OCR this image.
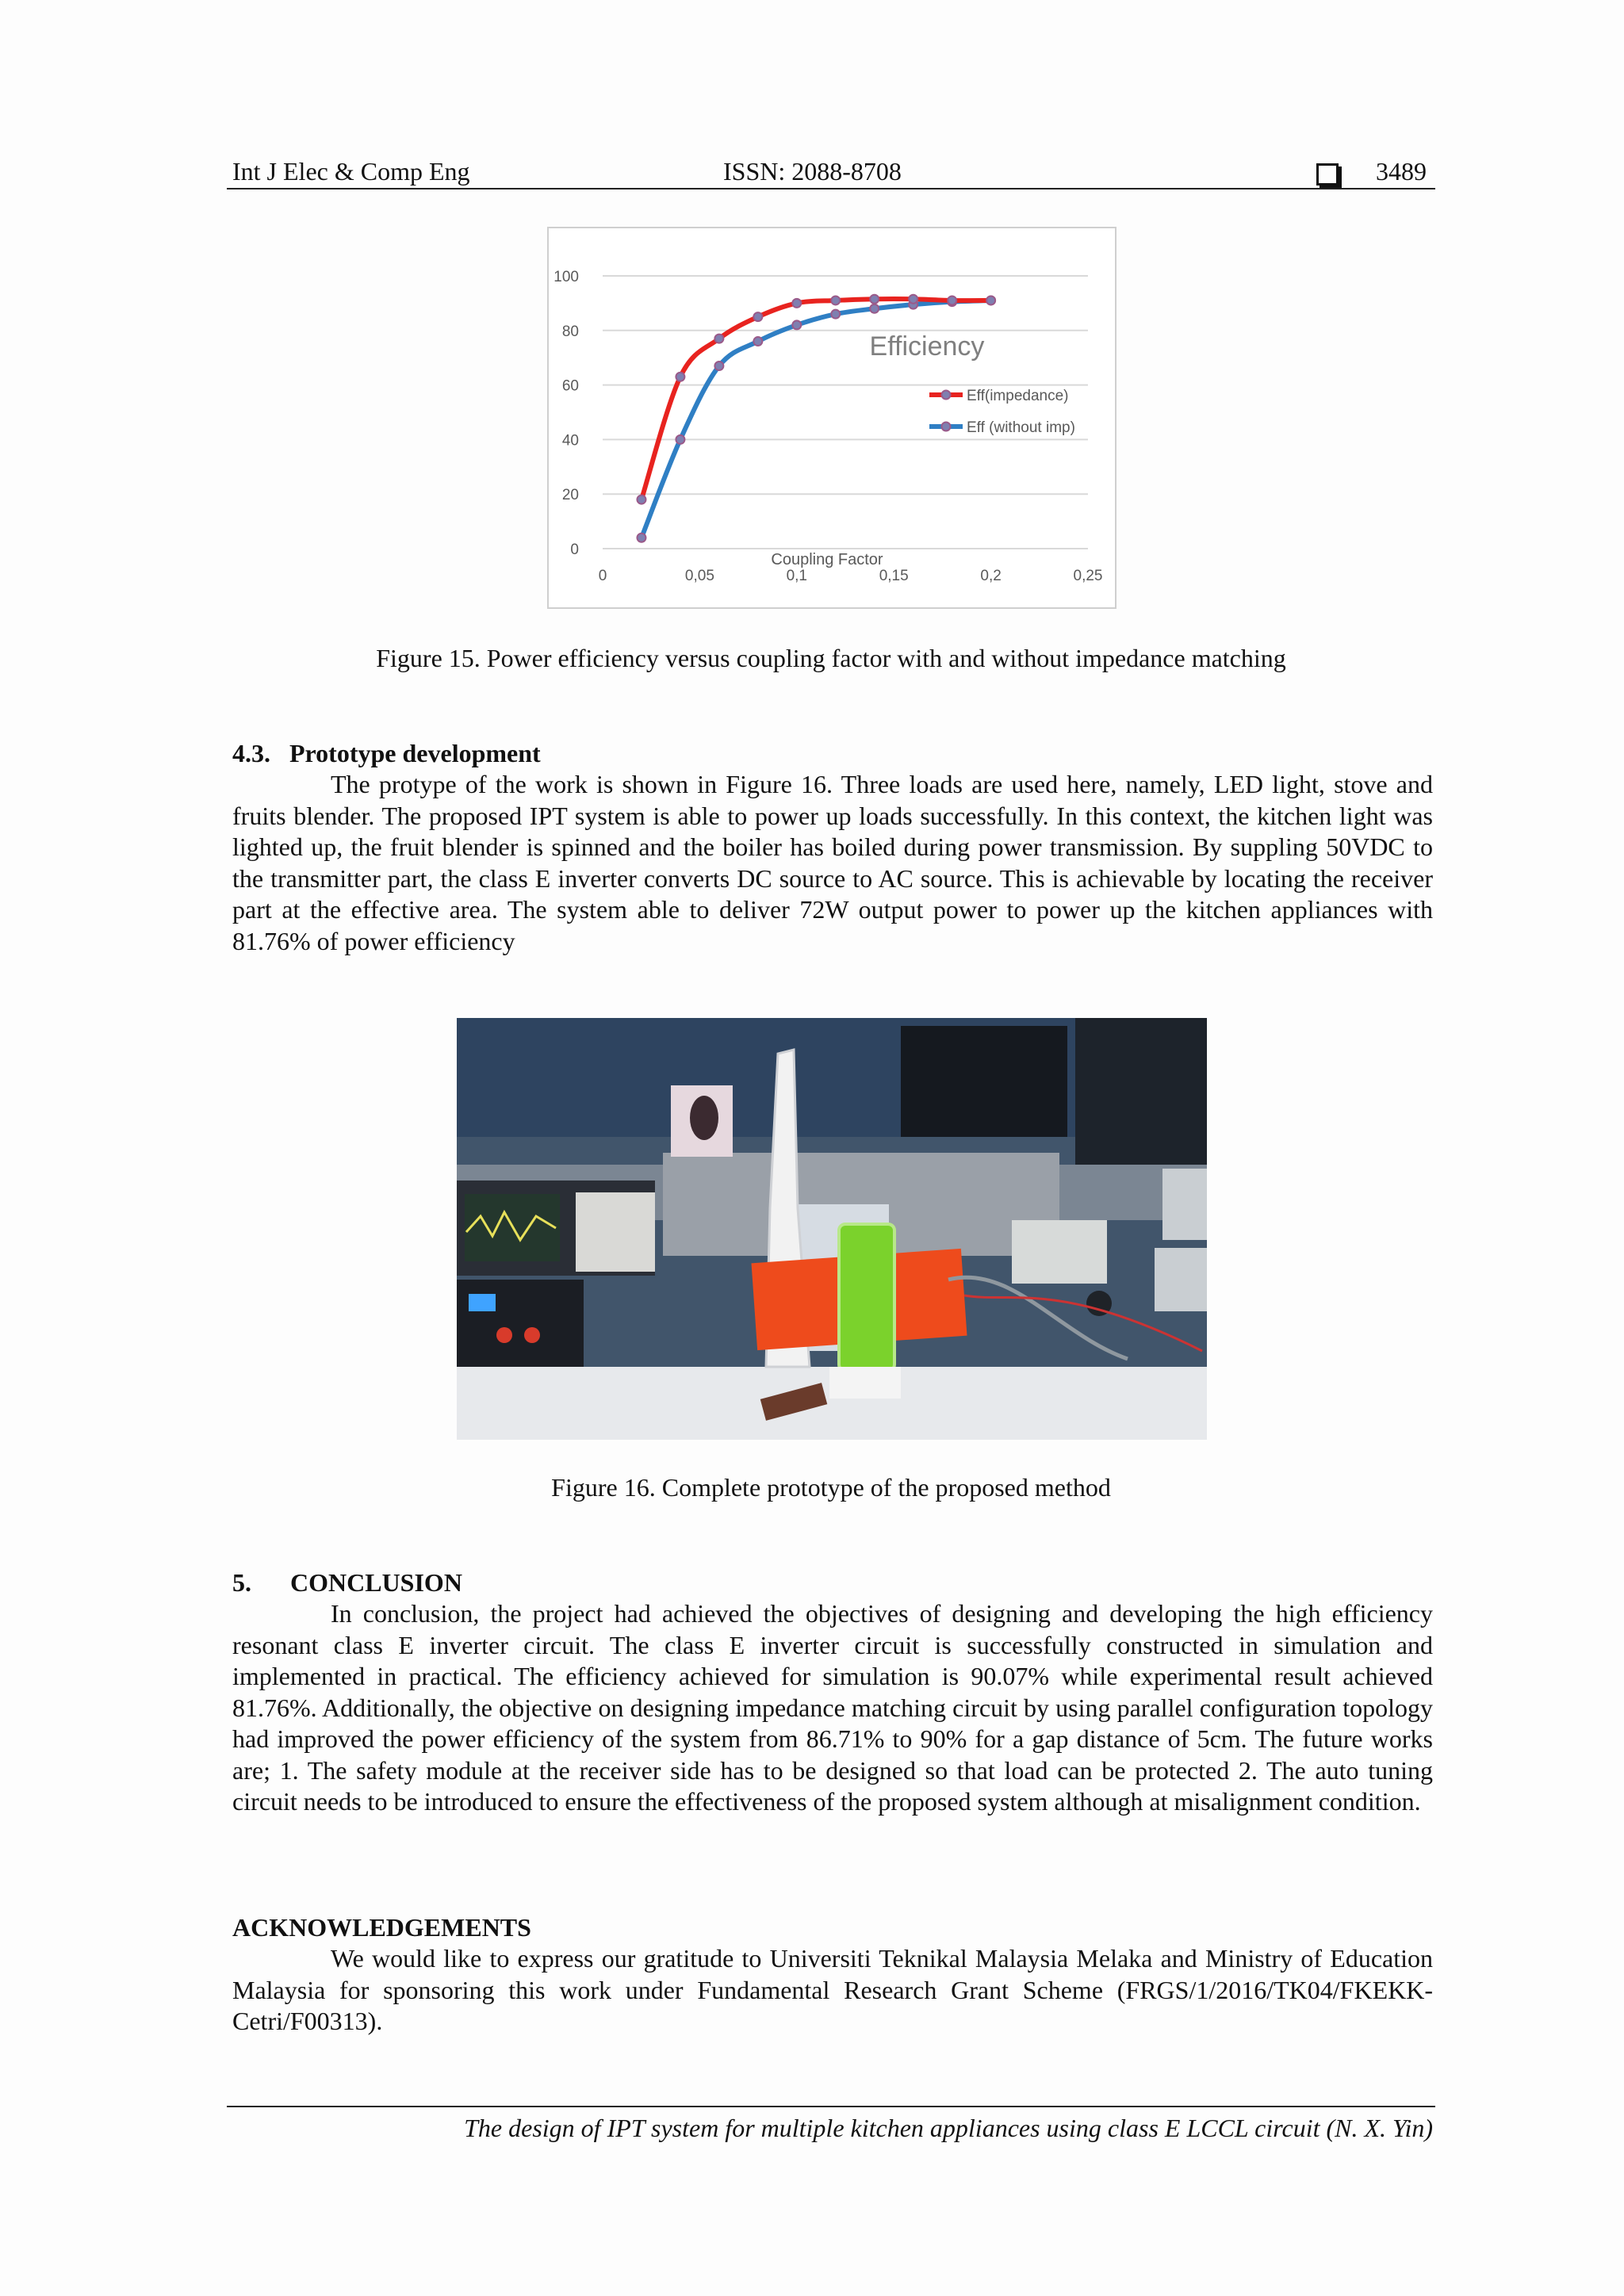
Int J Elec & Comp Eng	ISSN: 2088-8708	3489
0
20
40
60
80
100
0	0,05	0,1	0,15	0,2	0,25
Coupling Factor
Efficiency
Eff(impedance)
Eff (without imp)
Figure 15. Power efficiency versus coupling factor with and without impedance matching
4.3.  Prototype development
The protype of the work is shown in Figure 16. Three loads are used here, namely, LED light, stove and fruits blender. The proposed IPT system is able to power up loads successfully. In this context, the kitchen light was lighted up, the fruit blender is spinned and the boiler has boiled during power transmission. By suppling 50VDC to the transmitter part, the class E inverter converts DC source to AC source. This is achievable by locating the receiver part at the effective area. The system able to deliver 72W output power to power up the kitchen appliances with 81.76% of power efficiency
Figure 16. Complete prototype of the proposed method
5. CONCLUSION
In conclusion, the project had achieved the objectives of designing and developing the high efficiency resonant class E inverter circuit. The class E inverter circuit is successfully constructed in simulation and implemented in practical. The efficiency achieved for simulation is 90.07% while experimental result achieved 81.76%. Additionally, the objective on designing impedance matching circuit by using parallel configuration topology had improved the power efficiency of the system from 86.71% to 90% for a gap distance of 5cm. The future works are; 1. The safety module at the receiver side has to be designed so that load can be protected 2. The auto tuning circuit needs to be introduced to ensure the effectiveness of the proposed system although at misalignment condition.
ACKNOWLEDGEMENTS
We would like to express our gratitude to Universiti Teknikal Malaysia Melaka and Ministry of Education Malaysia for sponsoring this work under Fundamental Research Grant Scheme (FRGS/1/2016/TK04/FKEKK-Cetri/F00313).
The design of IPT system for multiple kitchen appliances using class E LCCL circuit (N. X. Yin)
